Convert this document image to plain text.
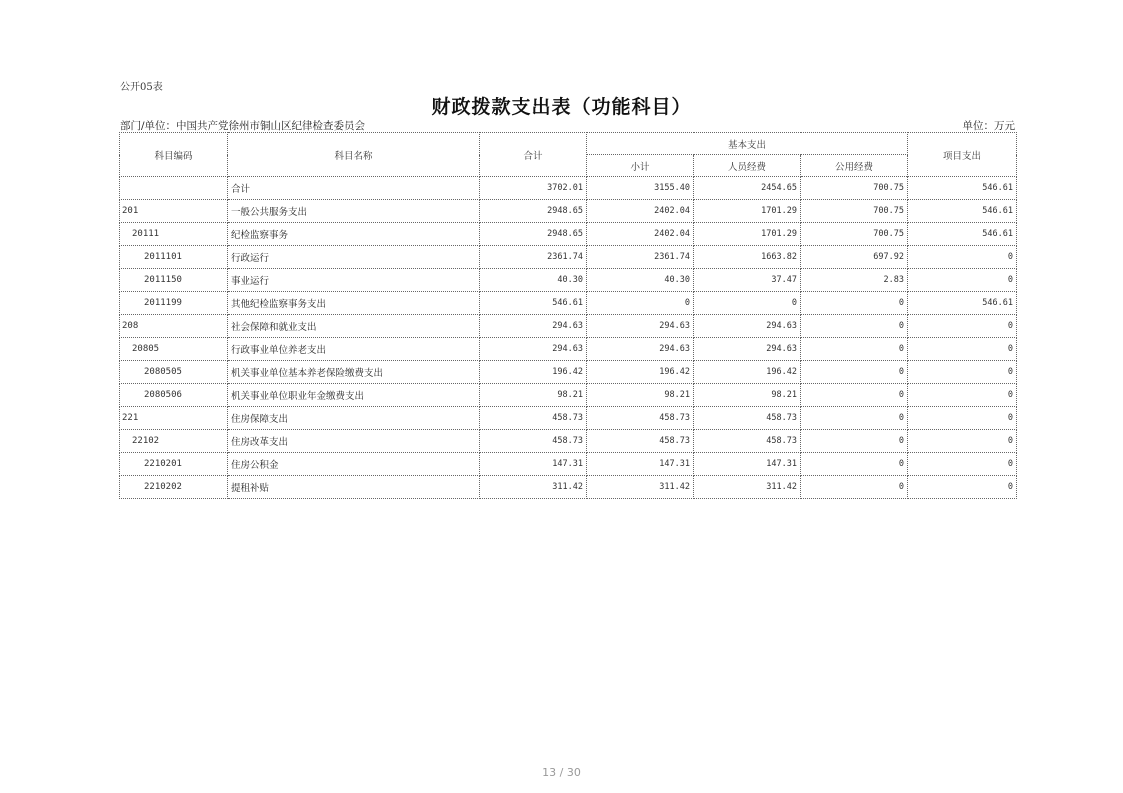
公开05表
财政拨款支出表（功能科目）
部门/单位：中国共产党徐州市铜山区纪律检查委员会	单位：万元
科目编码	科目名称	合计	基本支出			项目支出
			小计	人员经费	公用经费	
	合计	3702.01	3155.40	2454.65	700.75	546.61
201	一般公共服务支出	2948.65	2402.04	1701.29	700.75	546.61
20111	纪检监察事务	2948.65	2402.04	1701.29	700.75	546.61
2011101	行政运行	2361.74	2361.74	1663.82	697.92	0
2011150	事业运行	40.30	40.30	37.47	2.83	0
2011199	其他纪检监察事务支出	546.61	0	0	0	546.61
208	社会保障和就业支出	294.63	294.63	294.63	0	0
20805	行政事业单位养老支出	294.63	294.63	294.63	0	0
2080505	机关事业单位基本养老保险缴费支出	196.42	196.42	196.42	0	0
2080506	机关事业单位职业年金缴费支出	98.21	98.21	98.21	0	0
221	住房保障支出	458.73	458.73	458.73	0	0
22102	住房改革支出	458.73	458.73	458.73	0	0
2210201	住房公积金	147.31	147.31	147.31	0	0
2210202	提租补贴	311.42	311.42	311.42	0	0
13 / 30
